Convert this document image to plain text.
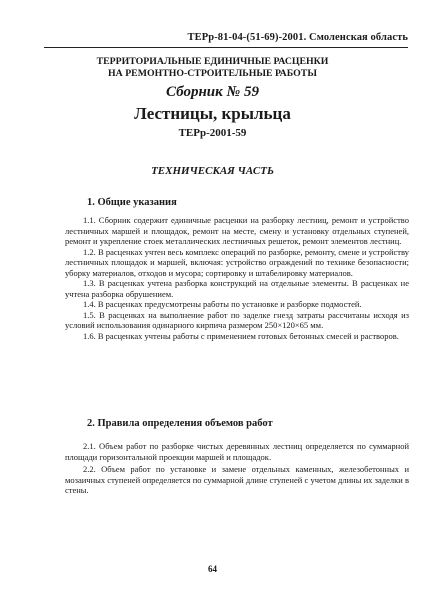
ТЕРр-81-04-(51-69)-2001. Смоленская область

ТЕРРИТОРИАЛЬНЫЕ ЕДИНИЧНЫЕ РАСЦЕНКИ

НА РЕМОНТНО-СТРОИТЕЛЬНЫЕ РАБОТЫ

Сборник № 59
Лестницы, крыльца
ТЕРр-2001-59
ТЕХНИЧЕСКАЯ ЧАСТЬ
1. Общие указания

1.1. Сборник содержит единичные расценки на разборку лестниц, ремонт и устройство лестничных маршей и площадок, ремонт на месте, смену и установку отдельных ступеней, ремонт и укрепление стоек металлических лестничных решеток, ремонт элементов лестниц.

1.2. В расценках учтен весь комплекс операций по разборке, ремонту, смене и устройству лестничных площадок и маршей, включая: устройство ограждений по технике безопасности; уборку материалов, отходов и мусора; сортировку и штабелировку материалов.

1.3. В расценках учтена разборка конструкций на отдельные элементы. В расценках не учтена разборка обрушением.

1.4. В расценках предусмотрены работы по установке и разборке подмостей.

1.5. В расценках на выполнение работ по заделке гнезд затраты рассчитаны исходя из условий использования одинарного кирпича размером 250×120×65 мм.

1.6. В расценках учтены работы с применением готовых бетонных смесей и растворов.

2. Правила определения объемов работ

2.1. Объем работ по разборке чистых деревянных лестниц определяется по суммарной площади горизонтальной проекции маршей и площадок.

2.2. Объем работ по установке и замене отдельных каменных, железобетонных и мозаичных ступеней определяется по суммарной длине ступеней с учетом длины их заделки в стены.

64
